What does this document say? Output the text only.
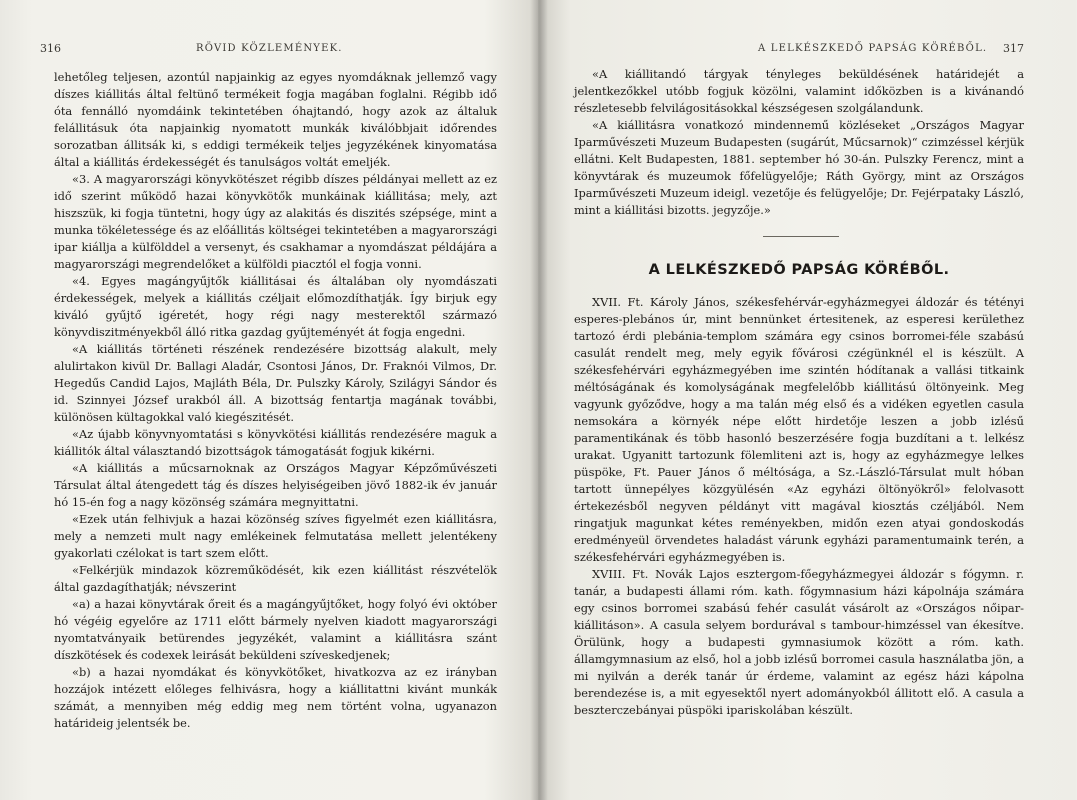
316	RÖVID KÖZLEMÉNYEK.

lehetőleg teljesen, azontúl napjainkig az egyes nyomdáknak jellemző vagy díszes kiállitás által feltünő termékeit fogja magában foglalni. Régibb idő óta fennálló nyomdáink tekintetében óhajtandó, hogy azok az általuk felállitásuk óta napjainkig nyomatott munkák kiválóbbjait időrendes sorozatban állitsák ki, s eddigi termékeik teljes jegyzékének kinyomatása által a kiállitás érdekességét és tanulságos voltát emeljék.

«3. A magyarországi könyvkötészet régibb díszes példányai mellett az ez idő szerint működő hazai könyvkötők munkáinak kiállitása; mely, azt hiszszük, ki fogja tüntetni, hogy úgy az alakitás és diszités szépsége, mint a munka tökéletessége és az előállitás költségei tekintetében a magyarországi ipar kiállja a külfölddel a versenyt, és csakhamar a nyomdászat példájára a magyarországi megrendelőket a külföldi piacztól el fogja vonni.

«4. Egyes magángyűjtők kiállitásai és általában oly nyomdászati érdekességek, melyek a kiállitás czéljait előmozdíthatják. Így birjuk egy kiváló gyűjtő igéretét, hogy régi nagy mesterektől származó könyvdiszitményekből álló ritka gazdag gyűjteményét át fogja engedni.

«A kiállitás történeti részének rendezésére bizottság alakult, mely alulirtakon kivül Dr. Ballagi Aladár, Csontosi János, Dr. Fraknói Vilmos, Dr. Hegedűs Candid Lajos, Majláth Béla, Dr. Pulszky Károly, Szilágyi Sándor és id. Szinnyei József urakból áll. A bizottság fentartja magának további, különösen kültagokkal való kiegészitését.

«Az újabb könyvnyomtatási s könyvkötési kiállitás rendezésére maguk a kiállitók által választandó bizottságok támogatását fogjuk kikérni.

«A kiállitás a műcsarnoknak az Országos Magyar Képzőművészeti Társulat által átengedett tág és díszes helyiségeiben jövő 1882-ik év január hó 15-én fog a nagy közönség számára megnyittatni.

«Ezek után felhivjuk a hazai közönség szíves figyelmét ezen kiállitásra, mely a nemzeti mult nagy emlékeinek felmutatása mellett jelentékeny gyakorlati czélokat is tart szem előtt.

«Felkérjük mindazok közreműködését, kik ezen kiállitást részvételök által gazdagíthatják; névszerint

«a) a hazai könyvtárak őreit és a magángyűjtőket, hogy folyó évi október hó végéig egyelőre az 1711 előtt bármely nyelven kiadott magyarországi nyomtatványaik betürendes jegyzékét, valamint a kiállitásra szánt díszkötések és codexek leirását beküldeni szíveskedjenek;

«b) a hazai nyomdákat és könyvkötőket, hivatkozva az ez irányban hozzájok intézett előleges felhivásra, hogy a kiállitattni kivánt munkák számát, a mennyiben még eddig meg nem történt volna, ugyanazon határideig jelentsék be.

A LELKÉSZKEDŐ PAPSÁG KÖRÉBŐL. 317

«A kiállitandó tárgyak tényleges beküldésének határidejét a jelentkezőkkel utóbb fogjuk közölni, valamint időközben is a kivánandó részletesebb felvilágositásokkal készségesen szolgálandunk.

«A kiállitásra vonatkozó mindennemű közléseket „Országos Magyar Iparművészeti Muzeum Budapesten (sugárút, Műcsarnok)“ czimzéssel kérjük ellátni. Kelt Budapesten, 1881. september hó 30-án. Pulszky Ferencz, mint a könyvtárak és muzeumok főfelügyelője; Ráth György, mint az Országos Iparművészeti Muzeum ideigl. vezetője és felügyelője; Dr. Fejérpataky László, mint a kiállitási bizotts. jegyzője.»

A LELKÉSZKEDŐ PAPSÁG KÖRÉBŐL.

XVII. Ft. Károly János, székesfehérvár-egyházmegyei áldozár és tétényi esperes-plebános úr, mint bennünket értesitenek, az esperesi kerülethez tartozó érdi plebánia-templom számára egy csinos borromei-féle szabású casulát rendelt meg, mely egyik fővárosi czégünknél el is készült. A székesfehérvári egyházmegyében ime szintén hódítanak a vallási titkaink méltóságának és komolyságának megfelelőbb kiállitású öltönyeink. Meg vagyunk győződve, hogy a ma talán még első és a vidéken egyetlen casula nemsokára a környék népe előtt hirdetője leszen a jobb izlésű paramentikának és több hasonló beszerzésére fogja buzdítani a t. lelkész urakat. Ugyanitt tartozunk fölemliteni azt is, hogy az egyházmegye lelkes püspöke, Ft. Pauer János ő méltósága, a Sz.-László-Társulat mult hóban tartott ünnepélyes közgyülésén «Az egyházi öltönyökről» felolvasott értekezésből negyven példányt vitt magával kiosztás czéljából. Nem ringatjuk magunkat kétes reményekben, midőn ezen atyai gondoskodás eredményeül örvendetes haladást várunk egyházi paramentumaink terén, a székesfehérvári egyházmegyében is.

XVIII. Ft. Novák Lajos esztergom-főegyházmegyei áldozár s fógymn. r. tanár, a budapesti állami róm. kath. főgymnasium házi kápolnája számára egy csinos borromei szabású fehér casulát vásárolt az «Országos nőipar-kiállitáson». A casula selyem bordurával s tambour-himzéssel van ékesítve. Örülünk, hogy a budapesti gymnasiumok között a róm. kath. államgymnasium az első, hol a jobb izlésű borromei casula használatba jön, a mi nyilván a derék tanár úr érdeme, valamint az egész házi kápolna berendezése is, a mit egyesektől nyert adományokból állitott elő. A casula a beszterczebányai püspöki ipariskolában készült.
